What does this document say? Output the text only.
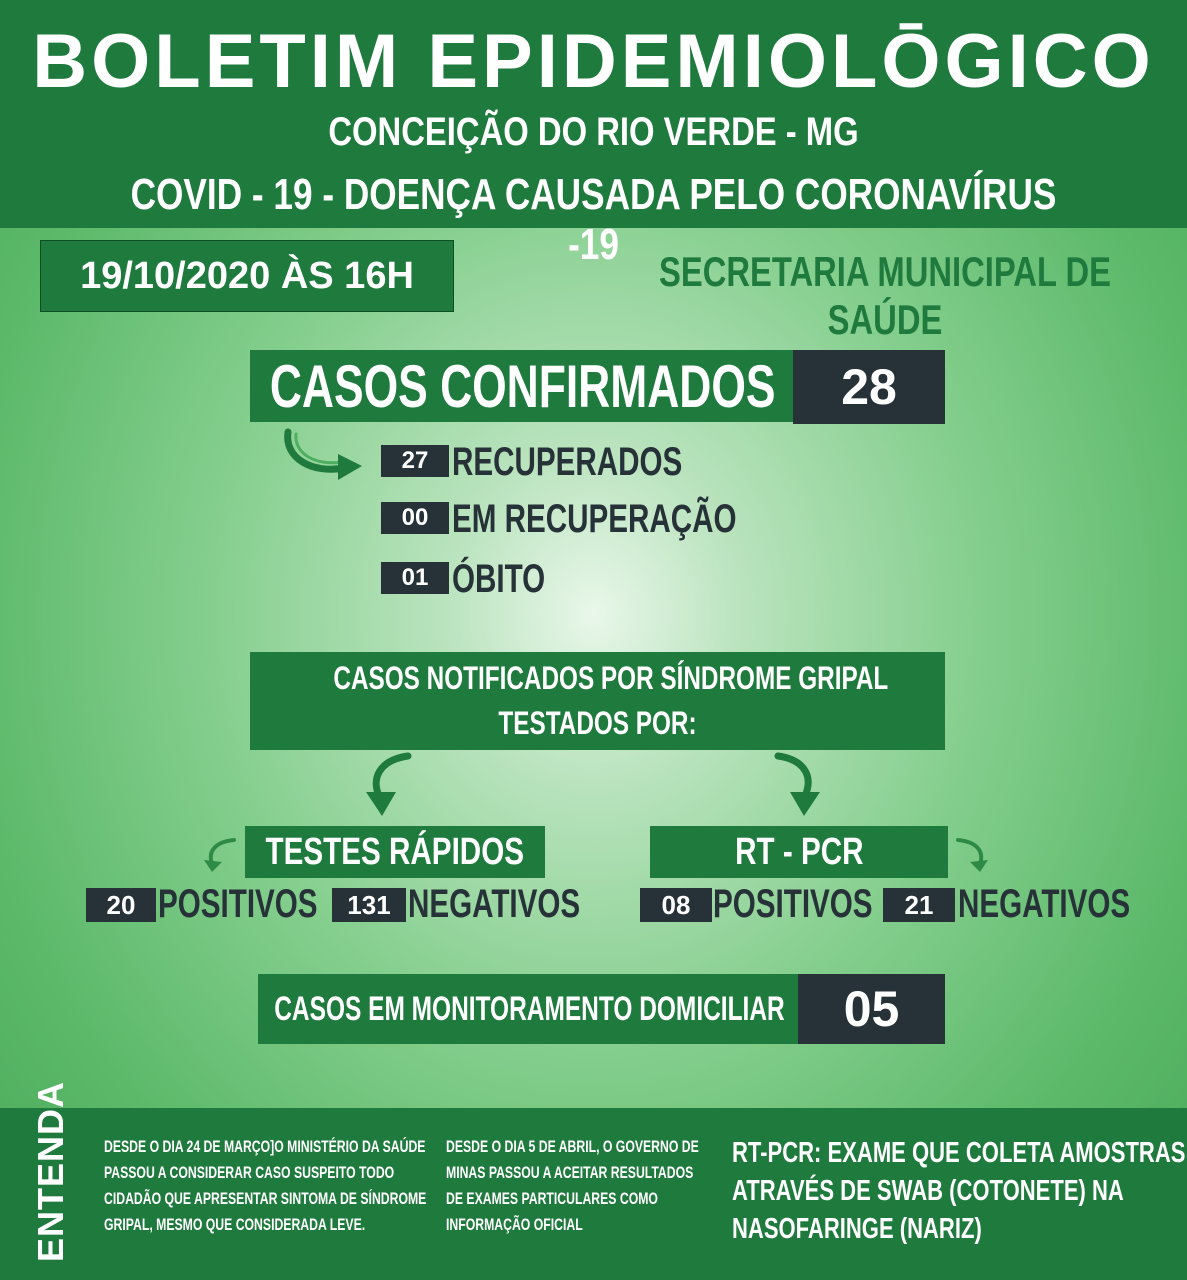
BOLETIM EPIDEMIOLŌGICO
CONCEIÇÃO DO RIO VERDE - MG
COVID - 19 - DOENÇA CAUSADA PELO CORONAVÍRUS -19
19/10/2020 ÀS 16H	SECRETARIA MUNICIPAL DE SAÚDE
CASOS CONFIRMADOS	28
27 RECUPERADOS
00 EM RECUPERAÇÃO
01 ÓBITO
CASOS NOTIFICADOS POR SÍNDROME GRIPAL
TESTADOS POR:
TESTES RÁPIDOS	RT - PCR
20 POSITIVOS	131 NEGATIVOS	08 POSITIVOS	21 NEGATIVOS
CASOS EM MONITORAMENTO DOMICILIAR	05
ENTENDA DESDE O DIA 24 DE MARÇO]O MINISTÉRIO DA SAÚDE
PASSOU A CONSIDERAR CASO SUSPEITO TODO
CIDADÃO QUE APRESENTAR SINTOMA DE SÍNDROME
GRIPAL, MESMO QUE CONSIDERADA LEVE.
DESDE O DIA 5 DE ABRIL, O GOVERNO DE
MINAS PASSOU A ACEITAR RESULTADOS
DE EXAMES PARTICULARES COMO
INFORMAÇÃO OFICIAL
RT-PCR: EXAME QUE COLETA AMOSTRAS
ATRAVÉS DE SWAB (COTONETE) NA
NASOFARINGE (NARIZ)
